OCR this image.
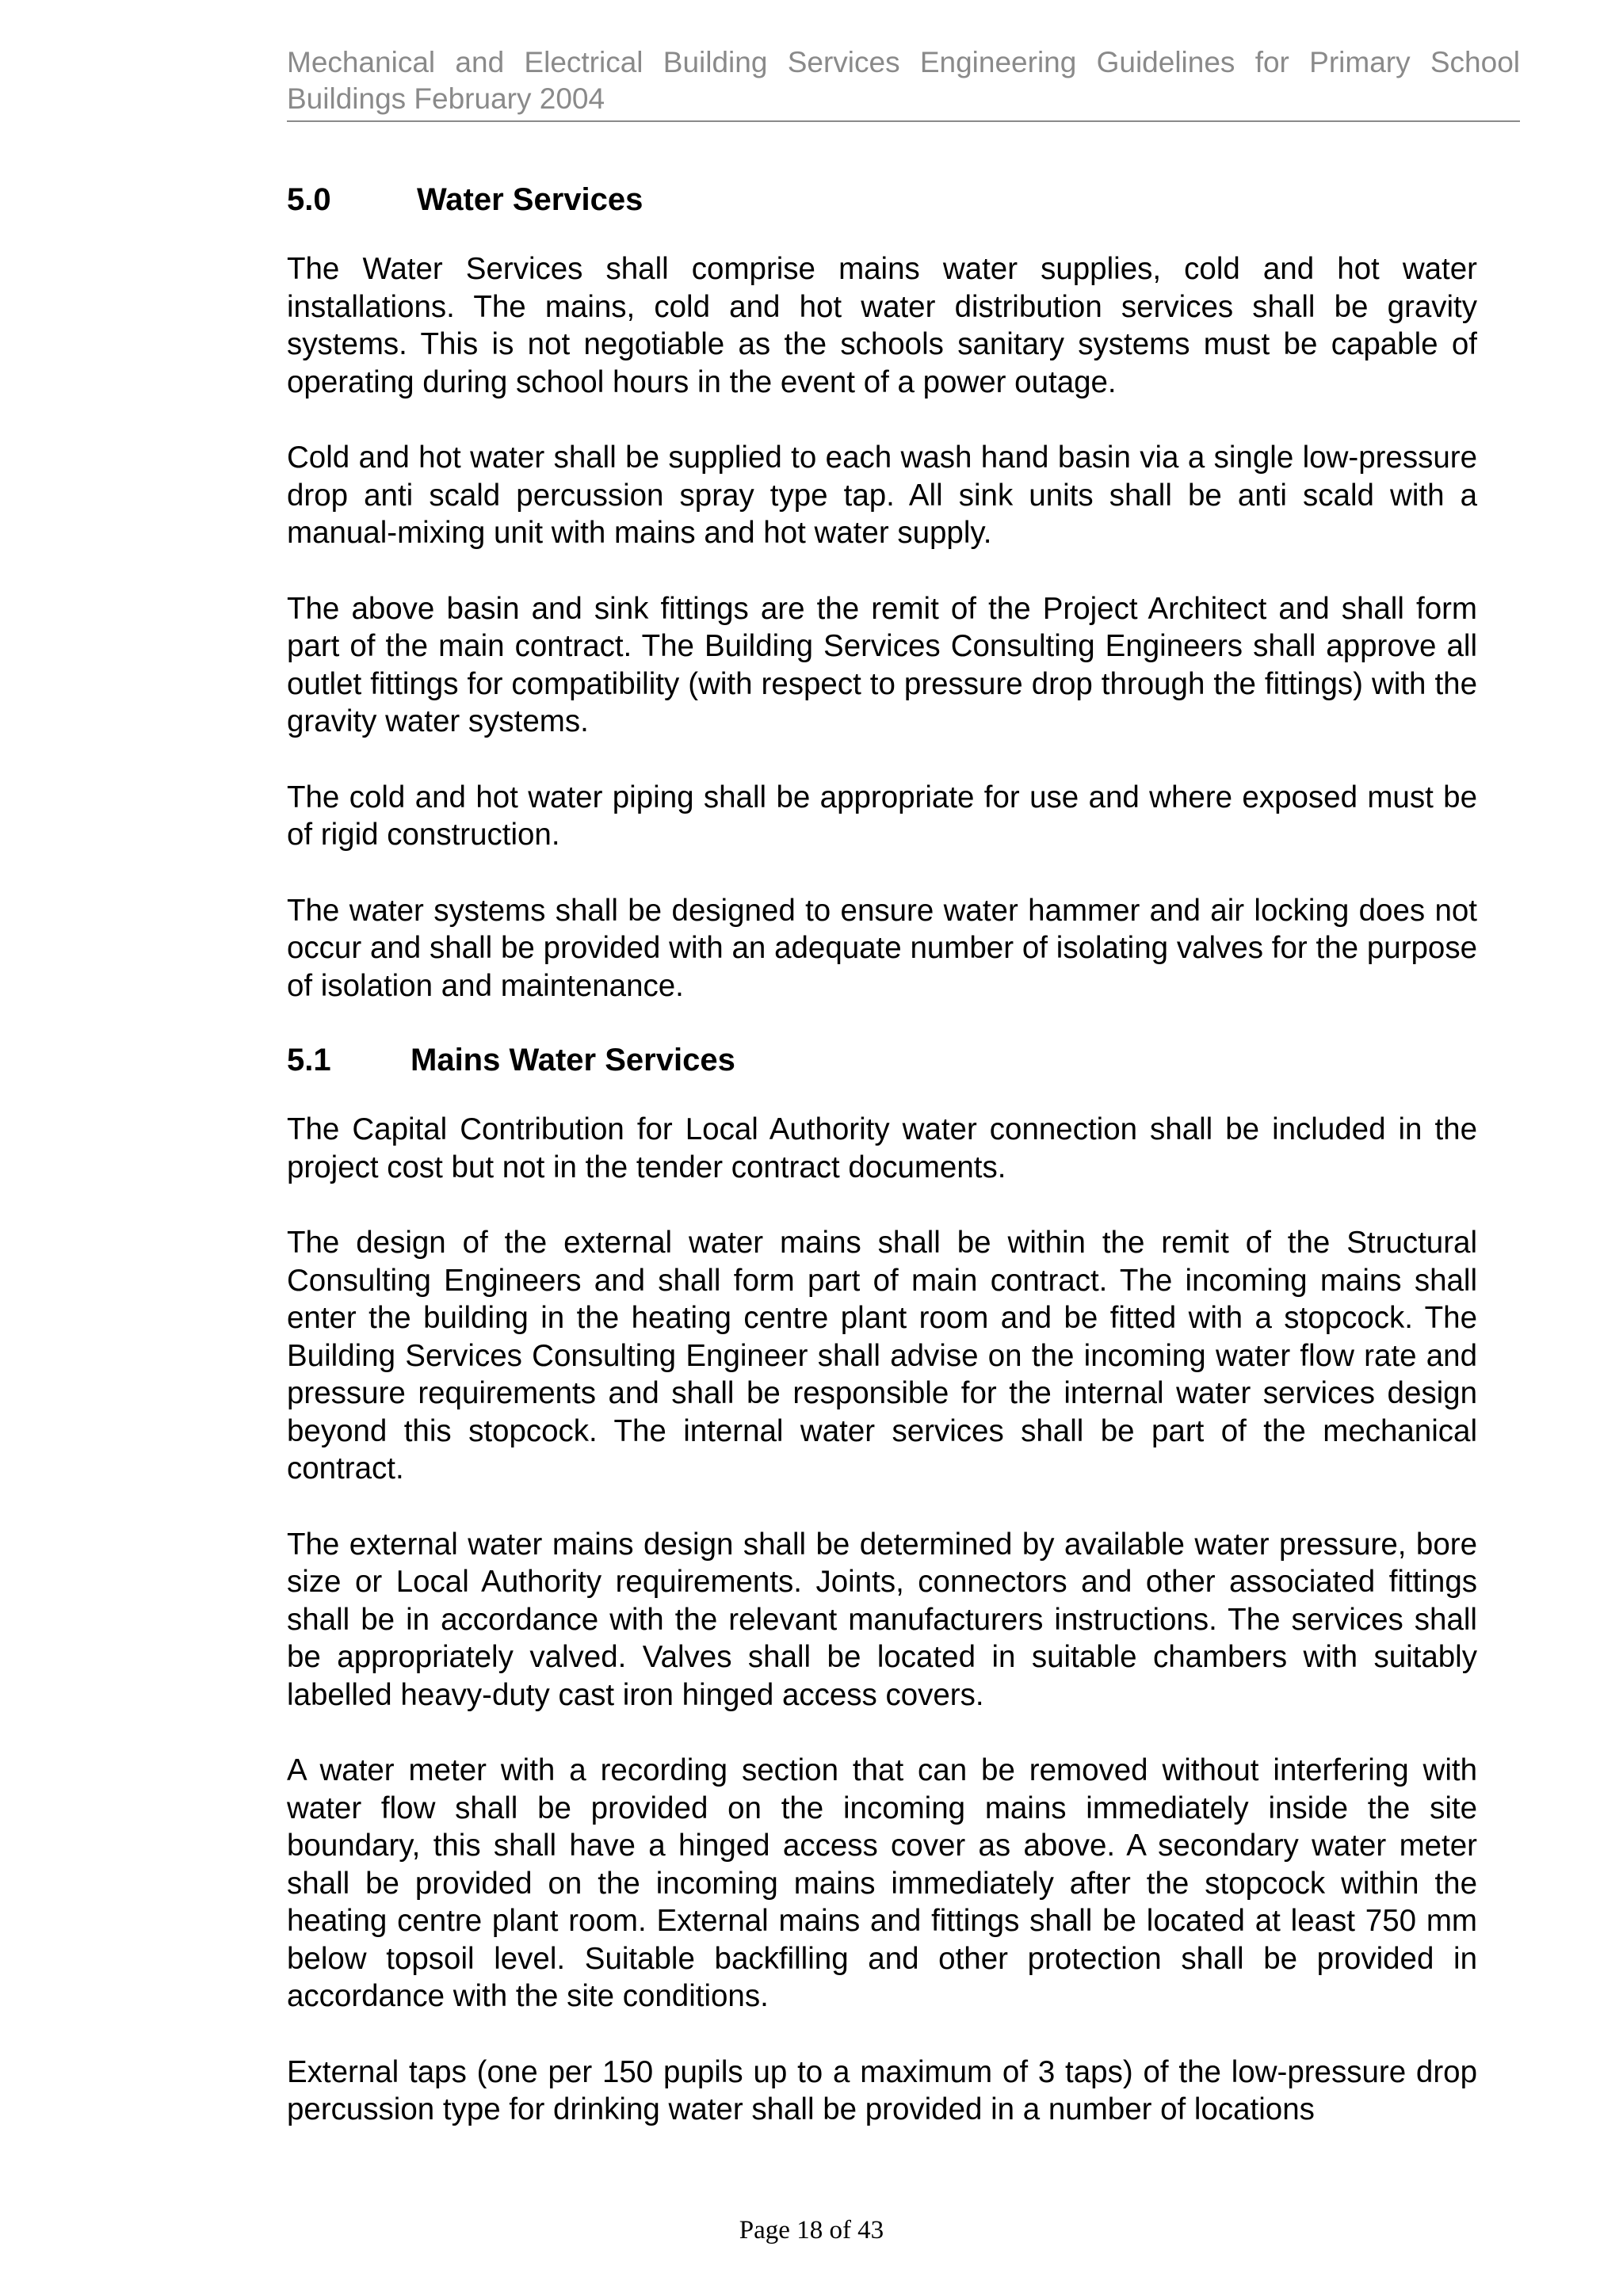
Mechanical and Electrical Building Services Engineering Guidelines for Primary School Buildings February 2004
5.0	Water Services

The Water Services shall comprise mains water supplies, cold and hot water installations. The mains, cold and hot water distribution services shall be gravity systems. This is not negotiable as the schools sanitary systems must be capable of operating during school hours in the event of a power outage.

Cold and hot water shall be supplied to each wash hand basin via a single low-pressure drop anti scald percussion spray type tap. All sink units shall be anti scald with a manual-mixing unit with mains and hot water supply.

The above basin and sink fittings are the remit of the Project Architect and shall form part of the main contract. The Building Services Consulting Engineers shall approve all outlet fittings for compatibility (with respect to pressure drop through the fittings) with the gravity water systems.

The cold and hot water piping shall be appropriate for use and where exposed must be of rigid construction.

The water systems shall be designed to ensure water hammer and air locking does not occur and shall be provided with an adequate number of isolating valves for the purpose of isolation and maintenance.

5.1	Mains Water Services

The Capital Contribution for Local Authority water connection shall be included in the project cost but not in the tender contract documents.

The design of the external water mains shall be within the remit of the Structural Consulting Engineers and shall form part of main contract. The incoming mains shall enter the building in the heating centre plant room and be fitted with a stopcock. The Building Services Consulting Engineer shall advise on the incoming water flow rate and pressure requirements and shall be responsible for the internal water services design beyond this stopcock. The internal water services shall be part of the mechanical contract.

The external water mains design shall be determined by available water pressure, bore size or Local Authority requirements. Joints, connectors and other associated fittings shall be in accordance with the relevant manufacturers instructions. The services shall be appropriately valved. Valves shall be located in suitable chambers with suitably labelled heavy-duty cast iron hinged access covers.

A water meter with a recording section that can be removed without interfering with water flow shall be provided on the incoming mains immediately inside the site boundary, this shall have a hinged access cover as above. A secondary water meter shall be provided on the incoming mains immediately after the stopcock within the heating centre plant room. External mains and fittings shall be located at least 750 mm below topsoil level. Suitable backfilling and other protection shall be provided in accordance with the site conditions.

External taps (one per 150 pupils up to a maximum of 3 taps) of the low-pressure drop percussion type for drinking water shall be provided in a number of locations

Page 18 of 43
